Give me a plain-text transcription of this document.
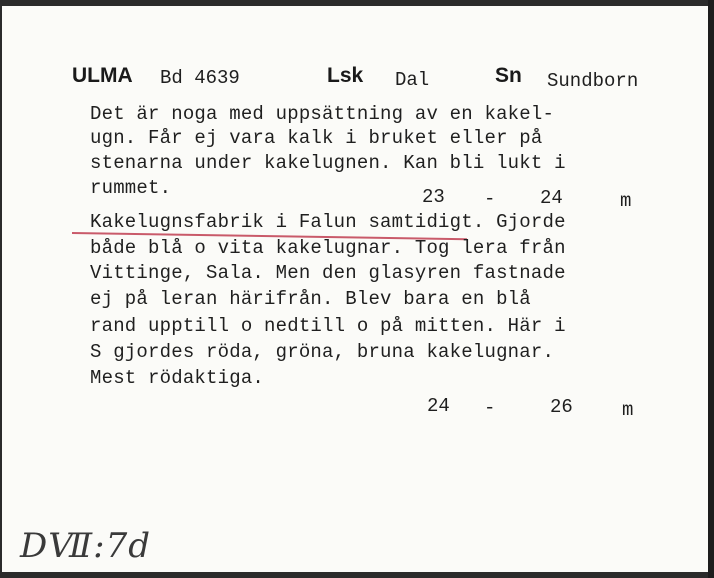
ULMA Bd 4639	Lsk Dal	Sn Sundborn
Det är noga med uppsättning av en kakel-
ugn. Får ej vara kalk i bruket eller på
stenarna under kakelugnen. Kan bli lukt i
rummet.	23 - 24	m
Kakelugnsfabrik i Falun samtidigt. Gjorde
både blå o vita kakelugnar. Tog lera från
Vittinge, Sala. Men den glasyren fastnade
ej på leran härifrån. Blev bara en blå
rand upptill o nedtill o på mitten. Här i
S gjordes röda, gröna, bruna kakelugnar.
Mest rödaktiga.
24 -	26	m
DⅦ:7d
